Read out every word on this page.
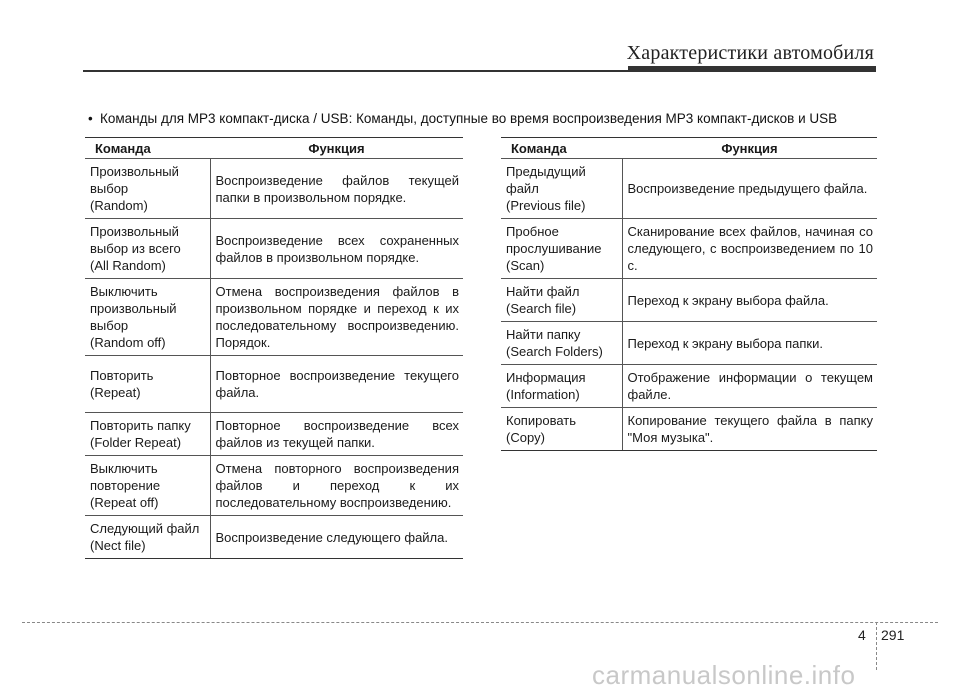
Характеристики автомобиля
• Команды для MP3 компакт-диска / USB: Команды, доступные во время воспроизведения MP3 компакт-дисков и USB
Команда	Функция

Произвольный
выбор
(Random)	Воспроизведение файлов текущей папки в произвольном порядке.

Произвольный
выбор из всего
(All Random)	Воспроизведение всех сохраненных файлов в произвольном порядке.

Выключить
произвольный
выбор
(Random off)	Отмена воспроизведения файлов в произвольном порядке и переход к их последовательному воспроизведению. Порядок.

Повторить
(Repeat)	Повторное воспроизведение текущего файла.

Повторить папку
(Folder Repeat)	Повторное воспроизведение всех файлов из текущей папки.

Выключить
повторение
(Repeat off)	Отмена повторного воспроизведения файлов и переход к их последовательному воспроизведению.

Следующий файл
(Nect file)	Воспроизведение следующего файла.
Команда	Функция

Предыдущий
файл
(Previous file)	Воспроизведение предыдущего файла.

Пробное
прослушивание
(Scan)	Сканирование всех файлов, начиная со следующего, с воспроизведением по 10 с.

Найти файл
(Search file)	Переход к экрану выбора файла.

Найти папку
(Search Folders)	Переход к экрану выбора папки.

Информация
(Information)	Отображение информации о текущем файле.

Копировать
(Copy)	Копирование текущего файла в папку "Моя музыка".
4 291
carmanualsonline.info
